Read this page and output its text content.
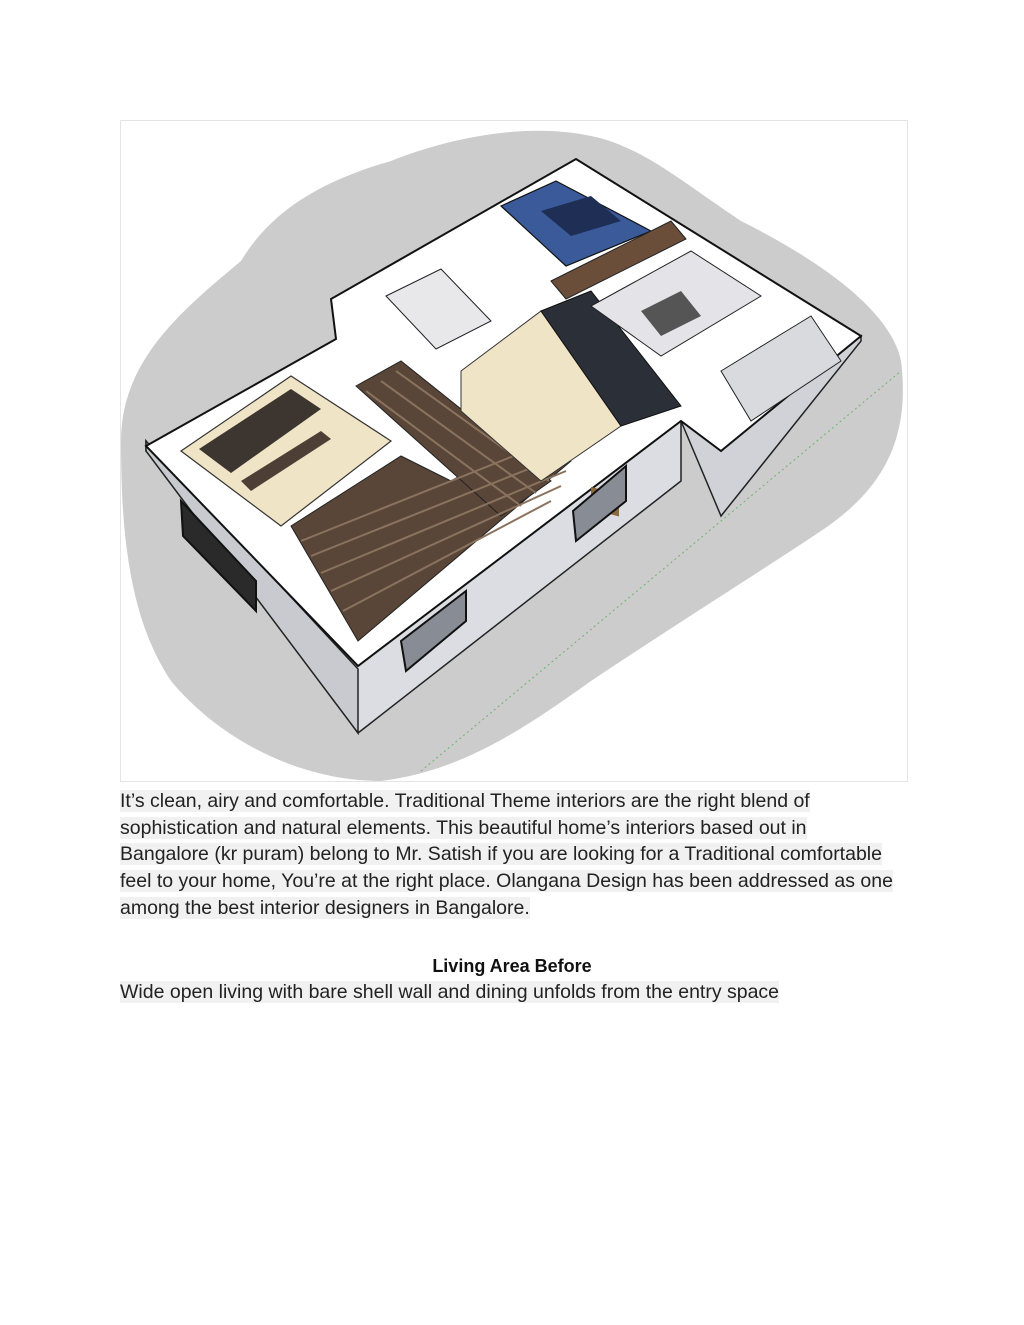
It’s clean, airy and comfortable. Traditional Theme interiors are the right blend of sophistication and natural elements. This beautiful home’s interiors based out in Bangalore (kr puram) belong to Mr. Satish if you are looking for a Traditional comfortable feel to your home, You’re at the right place. Olangana Design has been addressed as one among the best interior designers in Bangalore.
Living Area Before
Wide open living with bare shell wall and dining unfolds from the entry space
